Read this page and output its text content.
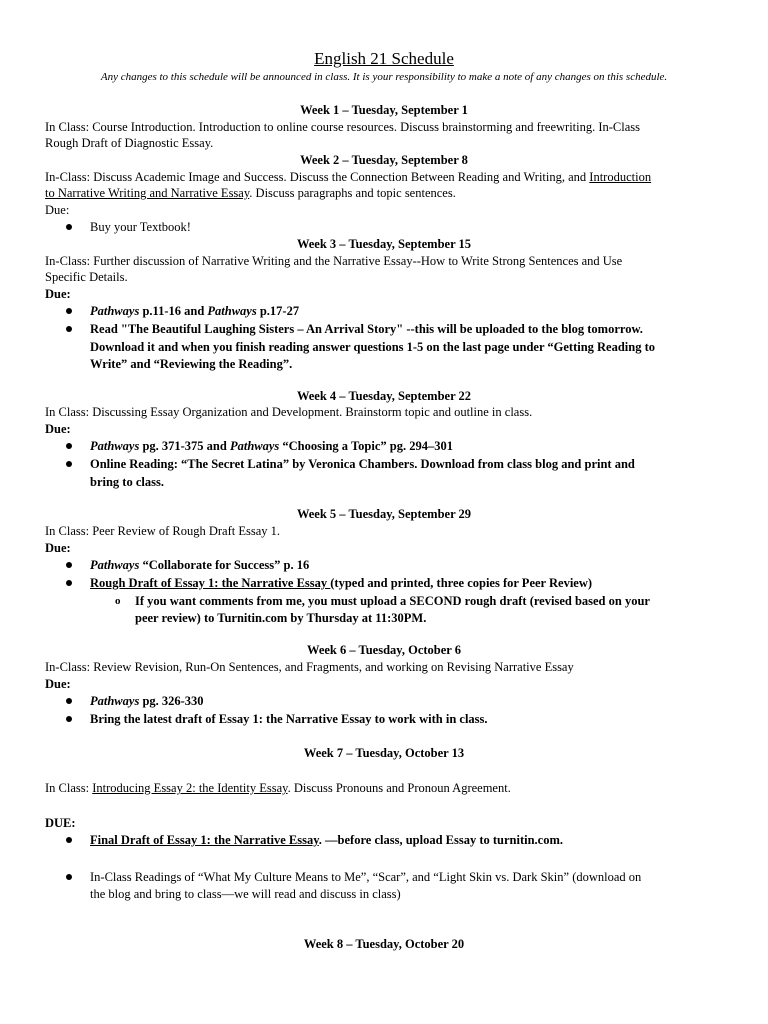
English 21 Schedule
Any changes to this schedule will be announced in class. It is your responsibility to make a note of any changes on this schedule.
Week 1 – Tuesday, September 1
In Class: Course Introduction. Introduction to online course resources. Discuss brainstorming and freewriting. In-Class
Rough Draft of Diagnostic Essay.
Week 2 – Tuesday, September 8
In-Class: Discuss Academic Image and Success. Discuss the Connection Between Reading and Writing, and Introduction
to Narrative Writing and Narrative Essay. Discuss paragraphs and topic sentences.
Due:
Buy your Textbook!
Week 3 – Tuesday, September 15
In-Class: Further discussion of Narrative Writing and the Narrative Essay--How to Write Strong Sentences and Use
Specific Details.
Due:
Pathways p.11-16 and Pathways p.17-27
Read "The Beautiful Laughing Sisters – An Arrival Story" --this will be uploaded to the blog tomorrow.
Download it and when you finish reading answer questions 1-5 on the last page under “Getting Reading to
Write” and “Reviewing the Reading”.
Week 4 – Tuesday, September 22
In Class: Discussing Essay Organization and Development. Brainstorm topic and outline in class.
Due:
Pathways pg. 371-375 and Pathways “Choosing a Topic” pg. 294–301
Online Reading: “The Secret Latina” by Veronica Chambers. Download from class blog and print and
bring to class.
Week 5 – Tuesday, September 29
In Class: Peer Review of Rough Draft Essay 1.
Due:
Pathways “Collaborate for Success” p. 16
Rough Draft of Essay 1: the Narrative Essay (typed and printed, three copies for Peer Review)
o If you want comments from me, you must upload a SECOND rough draft (revised based on your
peer review) to Turnitin.com by Thursday at 11:30PM.
Week 6 – Tuesday, October 6
In-Class: Review Revision, Run-On Sentences, and Fragments, and working on Revising Narrative Essay
Due:
Pathways pg. 326-330
Bring the latest draft of Essay 1: the Narrative Essay to work with in class.
Week 7 – Tuesday, October 13
In Class: Introducing Essay 2: the Identity Essay. Discuss Pronouns and Pronoun Agreement.
DUE:
Final Draft of Essay 1: the Narrative Essay. —before class, upload Essay to turnitin.com.
In-Class Readings of “What My Culture Means to Me”, “Scar”, and “Light Skin vs. Dark Skin” (download on
the blog and bring to class—we will read and discuss in class)
Week 8 – Tuesday, October 20
